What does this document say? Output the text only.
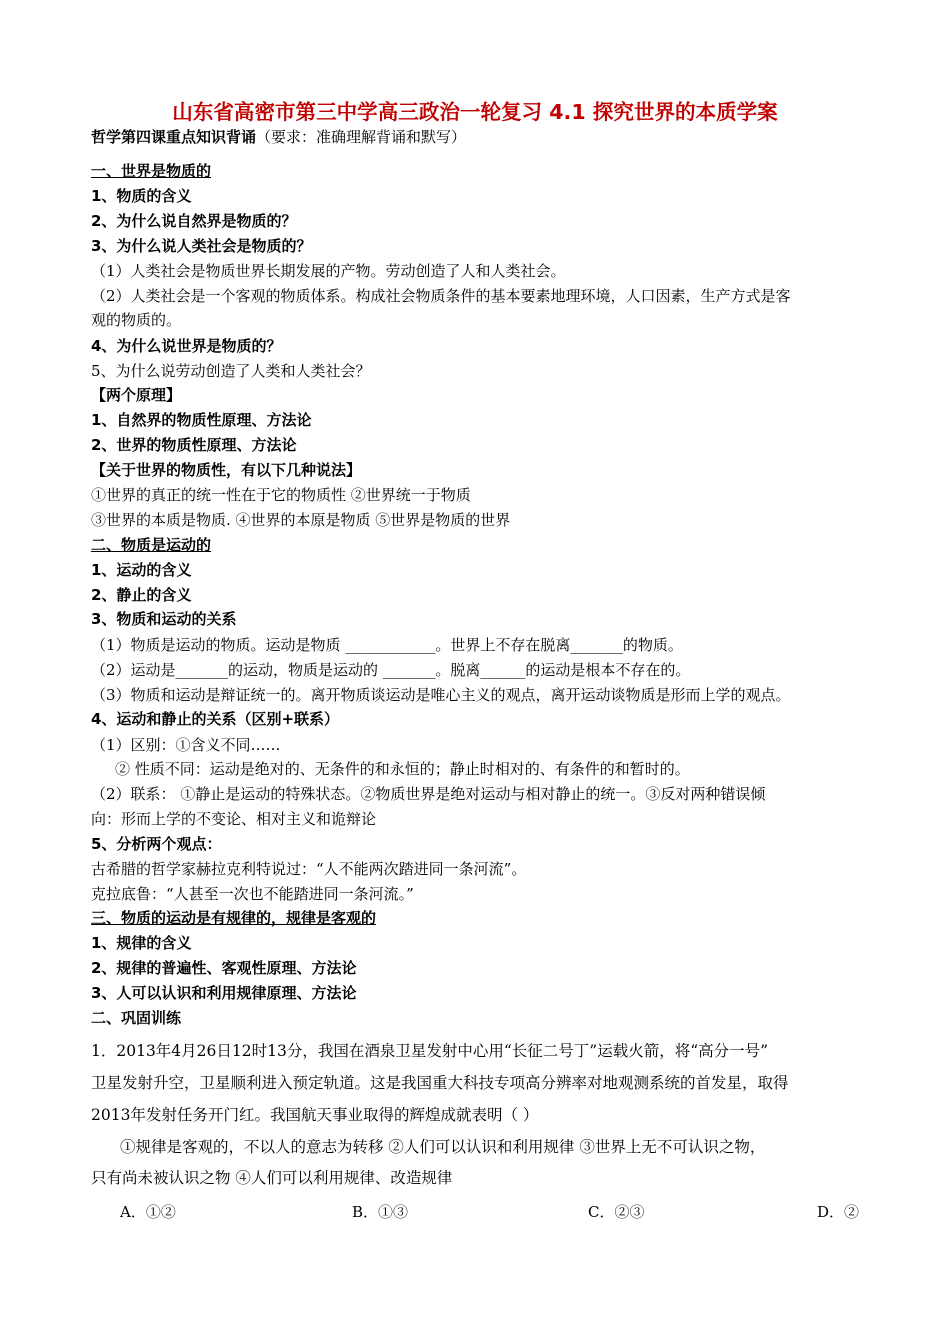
山东省高密市第三中学高三政治一轮复习 4.1 探究世界的本质学案
哲学第四课重点知识背诵（要求：准确理解背诵和默写）
一、世界是物质的
1、物质的含义
2、为什么说自然界是物质的？
3、为什么说人类社会是物质的？
（1）人类社会是物质世界长期发展的产物。劳动创造了人和人类社会。
（2）人类社会是一个客观的物质体系。构成社会物质条件的基本要素地理环境，人口因素，生产方式是客
观的物质的。
4、为什么说世界是物质的？
5、为什么说劳动创造了人类和人类社会？
【两个原理】
1、自然界的物质性原理、方法论
2、世界的物质性原理、方法论
【关于世界的物质性，有以下几种说法】
①世界的真正的统一性在于它的物质性 ②世界统一于物质
③世界的本质是物质. ④世界的本原是物质 ⑤世界是物质的世界
二、物质是运动的
1、运动的含义
2、静止的含义
3、物质和运动的关系
（1）物质是运动的物质。运动是物质 ____________。世界上不存在脱离_______的物质。
（2）运动是_______的运动，物质是运动的 _______。脱离______的运动是根本不存在的。
（3）物质和运动是辩证统一的。离开物质谈运动是唯心主义的观点，离开运动谈物质是形而上学的观点。
4、运动和静止的关系（区别+联系）
（1）区别：①含义不同……
② 性质不同：运动是绝对的、无条件的和永恒的；静止时相对的、有条件的和暂时的。
（2）联系： ①静止是运动的特殊状态。②物质世界是绝对运动与相对静止的统一。③反对两种错误倾
向：形而上学的不变论、相对主义和诡辩论
5、分析两个观点：
古希腊的哲学家赫拉克利特说过：“人不能两次踏进同一条河流”。
克拉底鲁：“人甚至一次也不能踏进同一条河流。”
三、物质的运动是有规律的，规律是客观的
1、规律的含义
2、规律的普遍性、客观性原理、方法论
3、人可以认识和利用规律原理、方法论
二、巩固训练
1．2013年4月26日12时13分，我国在酒泉卫星发射中心用“长征二号丁”运载火箭，将“高分一号”
卫星发射升空，卫星顺利进入预定轨道。这是我国重大科技专项高分辨率对地观测系统的首发星，取得
2013年发射任务开门红。我国航天事业取得的辉煌成就表明（ ）
①规律是客观的，不以人的意志为转移 ②人们可以认识和利用规律 ③世界上无不可认识之物，
只有尚未被认识之物 ④人们可以利用规律、改造规律
A．①②	B．①③	C．②③	D．②
